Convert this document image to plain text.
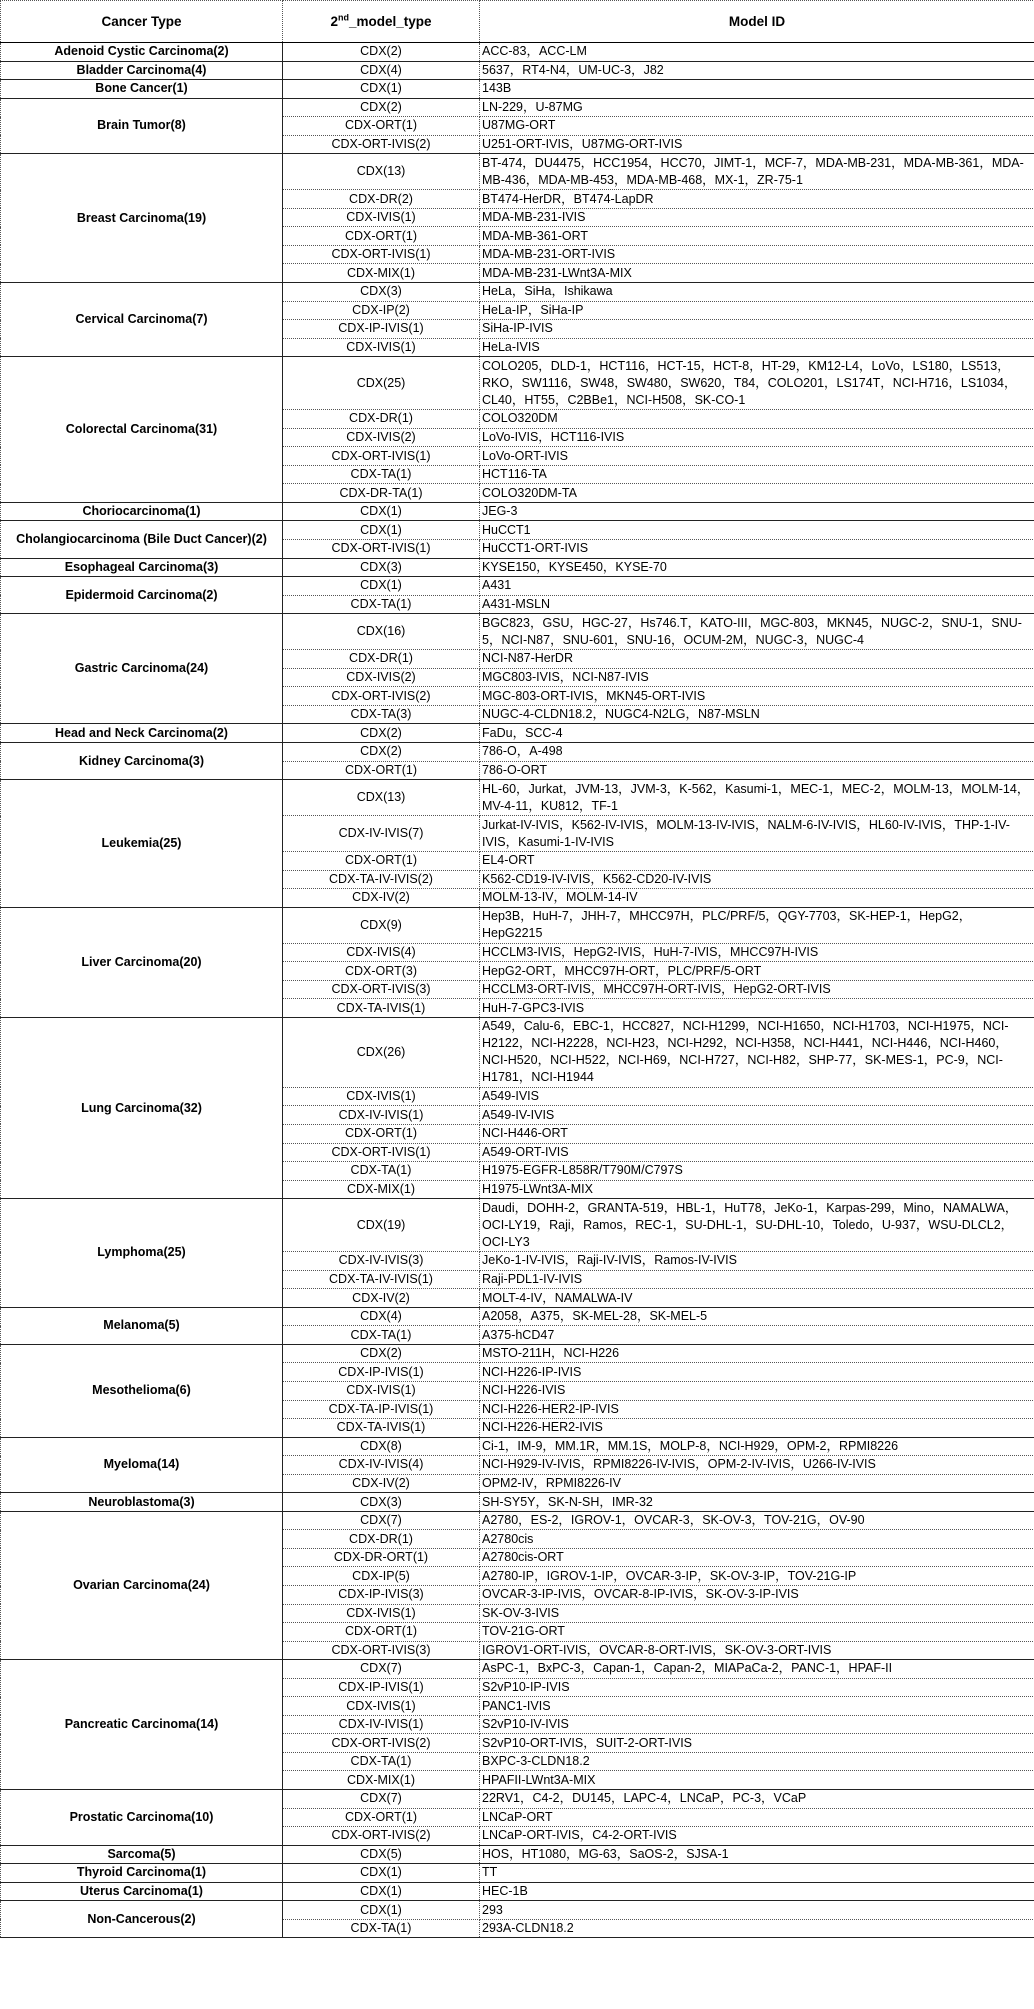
Cancer Type	2nd_model_type	Model ID
Adenoid Cystic Carcinoma(2)	CDX(2)	ACC-83，ACC-LM
Bladder Carcinoma(4)	CDX(4)	5637，RT4-N4，UM-UC-3，J82
Bone Cancer(1)	CDX(1)	143B
Brain Tumor(8)	CDX(2)	LN-229，U-87MG
	CDX-ORT(1)	U87MG-ORT
	CDX-ORT-IVIS(2)	U251-ORT-IVIS，U87MG-ORT-IVIS
Breast Carcinoma(19)	CDX(13)	BT-474，DU4475，HCC1954，HCC70，JIMT-1，MCF-7，MDA-MB-231，MDA-MB-361，MDA-MB-436，MDA-MB-453，MDA-MB-468，MX-1，ZR-75-1
	CDX-DR(2)	BT474-HerDR，BT474-LapDR
	CDX-IVIS(1)	MDA-MB-231-IVIS
	CDX-ORT(1)	MDA-MB-361-ORT
	CDX-ORT-IVIS(1)	MDA-MB-231-ORT-IVIS
	CDX-MIX(1)	MDA-MB-231-LWnt3A-MIX
Cervical Carcinoma(7)	CDX(3)	HeLa，SiHa，Ishikawa
	CDX-IP(2)	HeLa-IP，SiHa-IP
	CDX-IP-IVIS(1)	SiHa-IP-IVIS
	CDX-IVIS(1)	HeLa-IVIS
Colorectal Carcinoma(31)	CDX(25)	COLO205，DLD-1，HCT116，HCT-15，HCT-8，HT-29，KM12-L4，LoVo，LS180，LS513，RKO，SW1116，SW48，SW480，SW620，T84，COLO201，LS174T，NCI-H716，LS1034，CL40，HT55，C2BBe1，NCI-H508，SK-CO-1
	CDX-DR(1)	COLO320DM
	CDX-IVIS(2)	LoVo-IVIS，HCT116-IVIS
	CDX-ORT-IVIS(1)	LoVo-ORT-IVIS
	CDX-TA(1)	HCT116-TA
	CDX-DR-TA(1)	COLO320DM-TA
Choriocarcinoma(1)	CDX(1)	JEG-3
Cholangiocarcinoma (Bile Duct Cancer)(2)	CDX(1)	HuCCT1
	CDX-ORT-IVIS(1)	HuCCT1-ORT-IVIS
Esophageal Carcinoma(3)	CDX(3)	KYSE150，KYSE450，KYSE-70
Epidermoid Carcinoma(2)	CDX(1)	A431
	CDX-TA(1)	A431-MSLN
Gastric Carcinoma(24)	CDX(16)	BGC823，GSU，HGC-27，Hs746.T，KATO-III，MGC-803，MKN45，NUGC-2，SNU-1，SNU-5，NCI-N87，SNU-601，SNU-16，OCUM-2M，NUGC-3，NUGC-4
	CDX-DR(1)	NCI-N87-HerDR
	CDX-IVIS(2)	MGC803-IVIS，NCI-N87-IVIS
	CDX-ORT-IVIS(2)	MGC-803-ORT-IVIS，MKN45-ORT-IVIS
	CDX-TA(3)	NUGC-4-CLDN18.2，NUGC4-N2LG，N87-MSLN
Head and Neck Carcinoma(2)	CDX(2)	FaDu，SCC-4
Kidney Carcinoma(3)	CDX(2)	786-O，A-498
	CDX-ORT(1)	786-O-ORT
Leukemia(25)	CDX(13)	HL-60，Jurkat，JVM-13，JVM-3，K-562，Kasumi-1，MEC-1，MEC-2，MOLM-13，MOLM-14，MV-4-11，KU812，TF-1
	CDX-IV-IVIS(7)	Jurkat-IV-IVIS，K562-IV-IVIS，MOLM-13-IV-IVIS，NALM-6-IV-IVIS，HL60-IV-IVIS，THP-1-IV-IVIS，Kasumi-1-IV-IVIS
	CDX-ORT(1)	EL4-ORT
	CDX-TA-IV-IVIS(2)	K562-CD19-IV-IVIS，K562-CD20-IV-IVIS
	CDX-IV(2)	MOLM-13-IV，MOLM-14-IV
Liver Carcinoma(20)	CDX(9)	Hep3B，HuH-7，JHH-7，MHCC97H，PLC/PRF/5，QGY-7703，SK-HEP-1，HepG2，HepG2215
	CDX-IVIS(4)	HCCLM3-IVIS，HepG2-IVIS，HuH-7-IVIS，MHCC97H-IVIS
	CDX-ORT(3)	HepG2-ORT，MHCC97H-ORT，PLC/PRF/5-ORT
	CDX-ORT-IVIS(3)	HCCLM3-ORT-IVIS，MHCC97H-ORT-IVIS，HepG2-ORT-IVIS
	CDX-TA-IVIS(1)	HuH-7-GPC3-IVIS
Lung Carcinoma(32)	CDX(26)	A549，Calu-6，EBC-1，HCC827，NCI-H1299，NCI-H1650，NCI-H1703，NCI-H1975，NCI-H2122，NCI-H2228，NCI-H23，NCI-H292，NCI-H358，NCI-H441，NCI-H446，NCI-H460，NCI-H520，NCI-H522，NCI-H69，NCI-H727，NCI-H82，SHP-77，SK-MES-1，PC-9，NCI-H1781，NCI-H1944
	CDX-IVIS(1)	A549-IVIS
	CDX-IV-IVIS(1)	A549-IV-IVIS
	CDX-ORT(1)	NCI-H446-ORT
	CDX-ORT-IVIS(1)	A549-ORT-IVIS
	CDX-TA(1)	H1975-EGFR-L858R/T790M/C797S
	CDX-MIX(1)	H1975-LWnt3A-MIX
Lymphoma(25)	CDX(19)	Daudi，DOHH-2，GRANTA-519，HBL-1，HuT78，JeKo-1，Karpas-299，Mino，NAMALWA，OCI-LY19，Raji，Ramos，REC-1，SU-DHL-1，SU-DHL-10，Toledo，U-937，WSU-DLCL2，OCI-LY3
	CDX-IV-IVIS(3)	JeKo-1-IV-IVIS，Raji-IV-IVIS，Ramos-IV-IVIS
	CDX-TA-IV-IVIS(1)	Raji-PDL1-IV-IVIS
	CDX-IV(2)	MOLT-4-IV，NAMALWA-IV
Melanoma(5)	CDX(4)	A2058，A375，SK-MEL-28，SK-MEL-5
	CDX-TA(1)	A375-hCD47
Mesothelioma(6)	CDX(2)	MSTO-211H，NCI-H226
	CDX-IP-IVIS(1)	NCI-H226-IP-IVIS
	CDX-IVIS(1)	NCI-H226-IVIS
	CDX-TA-IP-IVIS(1)	NCI-H226-HER2-IP-IVIS
	CDX-TA-IVIS(1)	NCI-H226-HER2-IVIS
Myeloma(14)	CDX(8)	Ci-1，IM-9，MM.1R，MM.1S，MOLP-8，NCI-H929，OPM-2，RPMI8226
	CDX-IV-IVIS(4)	NCI-H929-IV-IVIS，RPMI8226-IV-IVIS，OPM-2-IV-IVIS，U266-IV-IVIS
	CDX-IV(2)	OPM2-IV，RPMI8226-IV
Neuroblastoma(3)	CDX(3)	SH-SY5Y，SK-N-SH，IMR-32
Ovarian Carcinoma(24)	CDX(7)	A2780，ES-2，IGROV-1，OVCAR-3，SK-OV-3，TOV-21G，OV-90
	CDX-DR(1)	A2780cis
	CDX-DR-ORT(1)	A2780cis-ORT
	CDX-IP(5)	A2780-IP，IGROV-1-IP，OVCAR-3-IP，SK-OV-3-IP，TOV-21G-IP
	CDX-IP-IVIS(3)	OVCAR-3-IP-IVIS，OVCAR-8-IP-IVIS，SK-OV-3-IP-IVIS
	CDX-IVIS(1)	SK-OV-3-IVIS
	CDX-ORT(1)	TOV-21G-ORT
	CDX-ORT-IVIS(3)	IGROV1-ORT-IVIS，OVCAR-8-ORT-IVIS，SK-OV-3-ORT-IVIS
Pancreatic Carcinoma(14)	CDX(7)	AsPC-1，BxPC-3，Capan-1，Capan-2，MIAPaCa-2，PANC-1，HPAF-II
	CDX-IP-IVIS(1)	S2vP10-IP-IVIS
	CDX-IVIS(1)	PANC1-IVIS
	CDX-IV-IVIS(1)	S2vP10-IV-IVIS
	CDX-ORT-IVIS(2)	S2vP10-ORT-IVIS，SUIT-2-ORT-IVIS
	CDX-TA(1)	BXPC-3-CLDN18.2
	CDX-MIX(1)	HPAFII-LWnt3A-MIX
Prostatic Carcinoma(10)	CDX(7)	22RV1，C4-2，DU145，LAPC-4，LNCaP，PC-3，VCaP
	CDX-ORT(1)	LNCaP-ORT
	CDX-ORT-IVIS(2)	LNCaP-ORT-IVIS，C4-2-ORT-IVIS
Sarcoma(5)	CDX(5)	HOS，HT1080，MG-63，SaOS-2，SJSA-1
Thyroid Carcinoma(1)	CDX(1)	TT
Uterus Carcinoma(1)	CDX(1)	HEC-1B
Non-Cancerous(2)	CDX(1)	293
	CDX-TA(1)	293A-CLDN18.2
